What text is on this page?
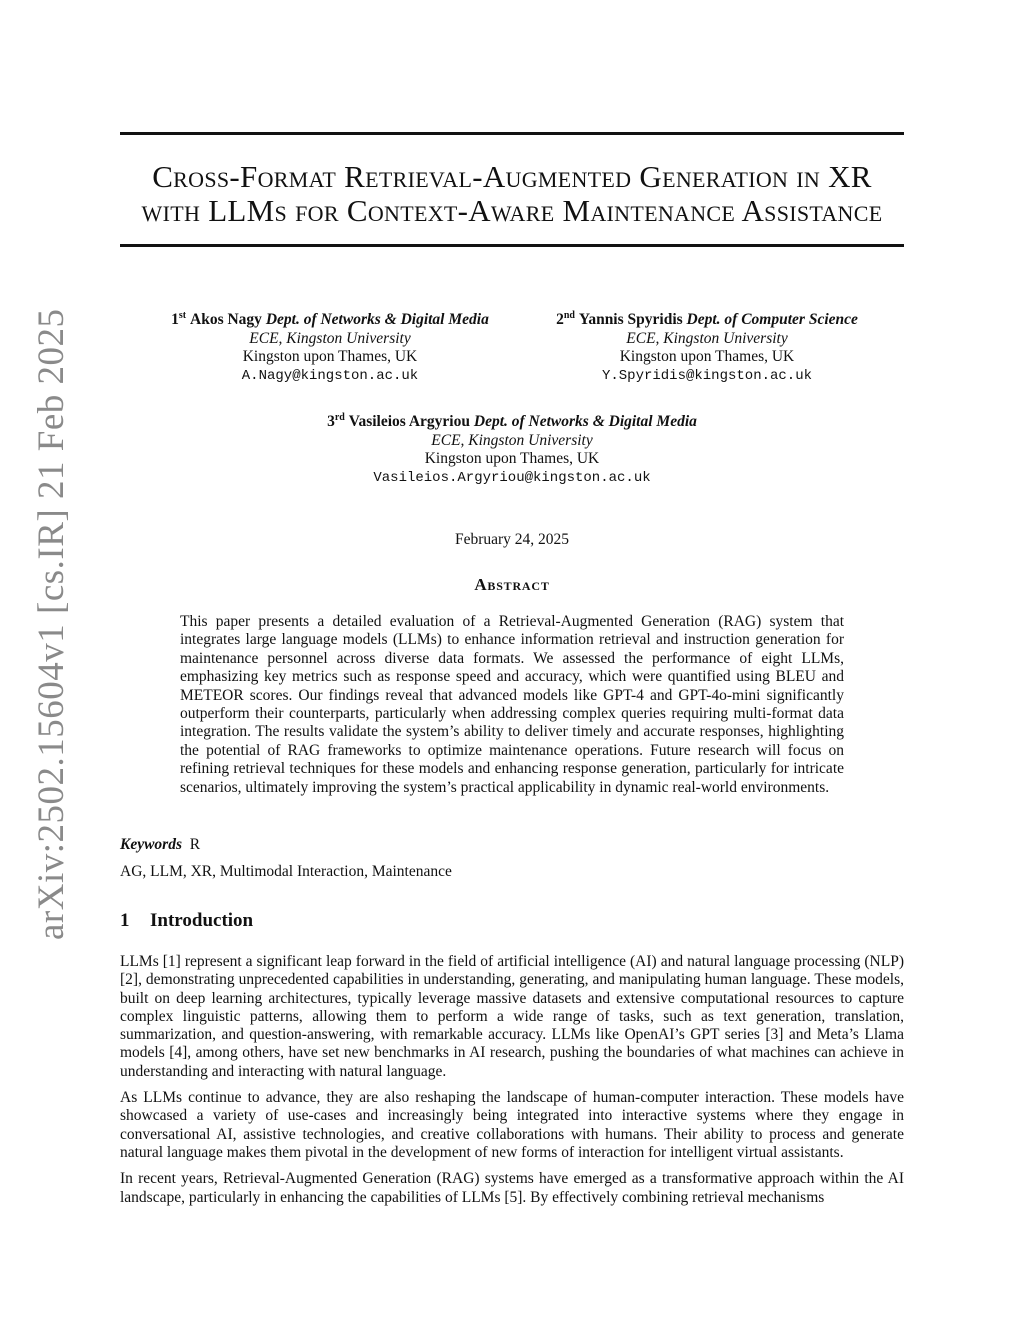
arXiv:2502.15604v1 [cs.IR] 21 Feb 2025
Cross-Format Retrieval-Augmented Generation in XR
with LLMs for Context-Aware Maintenance Assistance
1st Akos Nagy Dept. of Networks & Digital Media
ECE, Kingston University
Kingston upon Thames, UK
A.Nagy@kingston.ac.uk
2nd Yannis Spyridis Dept. of Computer Science
ECE, Kingston University
Kingston upon Thames, UK
Y.Spyridis@kingston.ac.uk
3rd Vasileios Argyriou Dept. of Networks & Digital Media
ECE, Kingston University
Kingston upon Thames, UK
Vasileios.Argyriou@kingston.ac.uk
February 24, 2025
Abstract
This paper presents a detailed evaluation of a Retrieval-Augmented Generation (RAG) system that integrates large language models (LLMs) to enhance information retrieval and instruction generation for maintenance personnel across diverse data formats. We assessed the performance of eight LLMs, emphasizing key metrics such as response speed and accuracy, which were quantified using BLEU and METEOR scores. Our findings reveal that advanced models like GPT-4 and GPT-4o-mini significantly outperform their counterparts, particularly when addressing complex queries requiring multi-format data integration. The results validate the system’s ability to deliver timely and accurate responses, highlighting the potential of RAG frameworks to optimize maintenance operations. Future research will focus on refining retrieval techniques for these models and enhancing response generation, particularly for intricate scenarios, ultimately improving the system’s practical applicability in dynamic real-world environments.
Keywords R
AG, LLM, XR, Multimodal Interaction, Maintenance
1 Introduction

LLMs [1] represent a significant leap forward in the field of artificial intelligence (AI) and natural language processing (NLP) [2], demonstrating unprecedented capabilities in understanding, generating, and manipulating human language. These models, built on deep learning architectures, typically leverage massive datasets and extensive computational resources to capture complex linguistic patterns, allowing them to perform a wide range of tasks, such as text generation, translation, summarization, and question-answering, with remarkable accuracy. LLMs like OpenAI’s GPT series [3] and Meta’s Llama models [4], among others, have set new benchmarks in AI research, pushing the boundaries of what machines can achieve in understanding and interacting with natural language.

As LLMs continue to advance, they are also reshaping the landscape of human-computer interaction. These models have showcased a variety of use-cases and increasingly being integrated into interactive systems where they engage in conversational AI, assistive technologies, and creative collaborations with humans. Their ability to process and generate natural language makes them pivotal in the development of new forms of interaction for intelligent virtual assistants.

In recent years, Retrieval-Augmented Generation (RAG) systems have emerged as a transformative approach within the AI landscape, particularly in enhancing the capabilities of LLMs [5]. By effectively combining retrieval mechanisms
